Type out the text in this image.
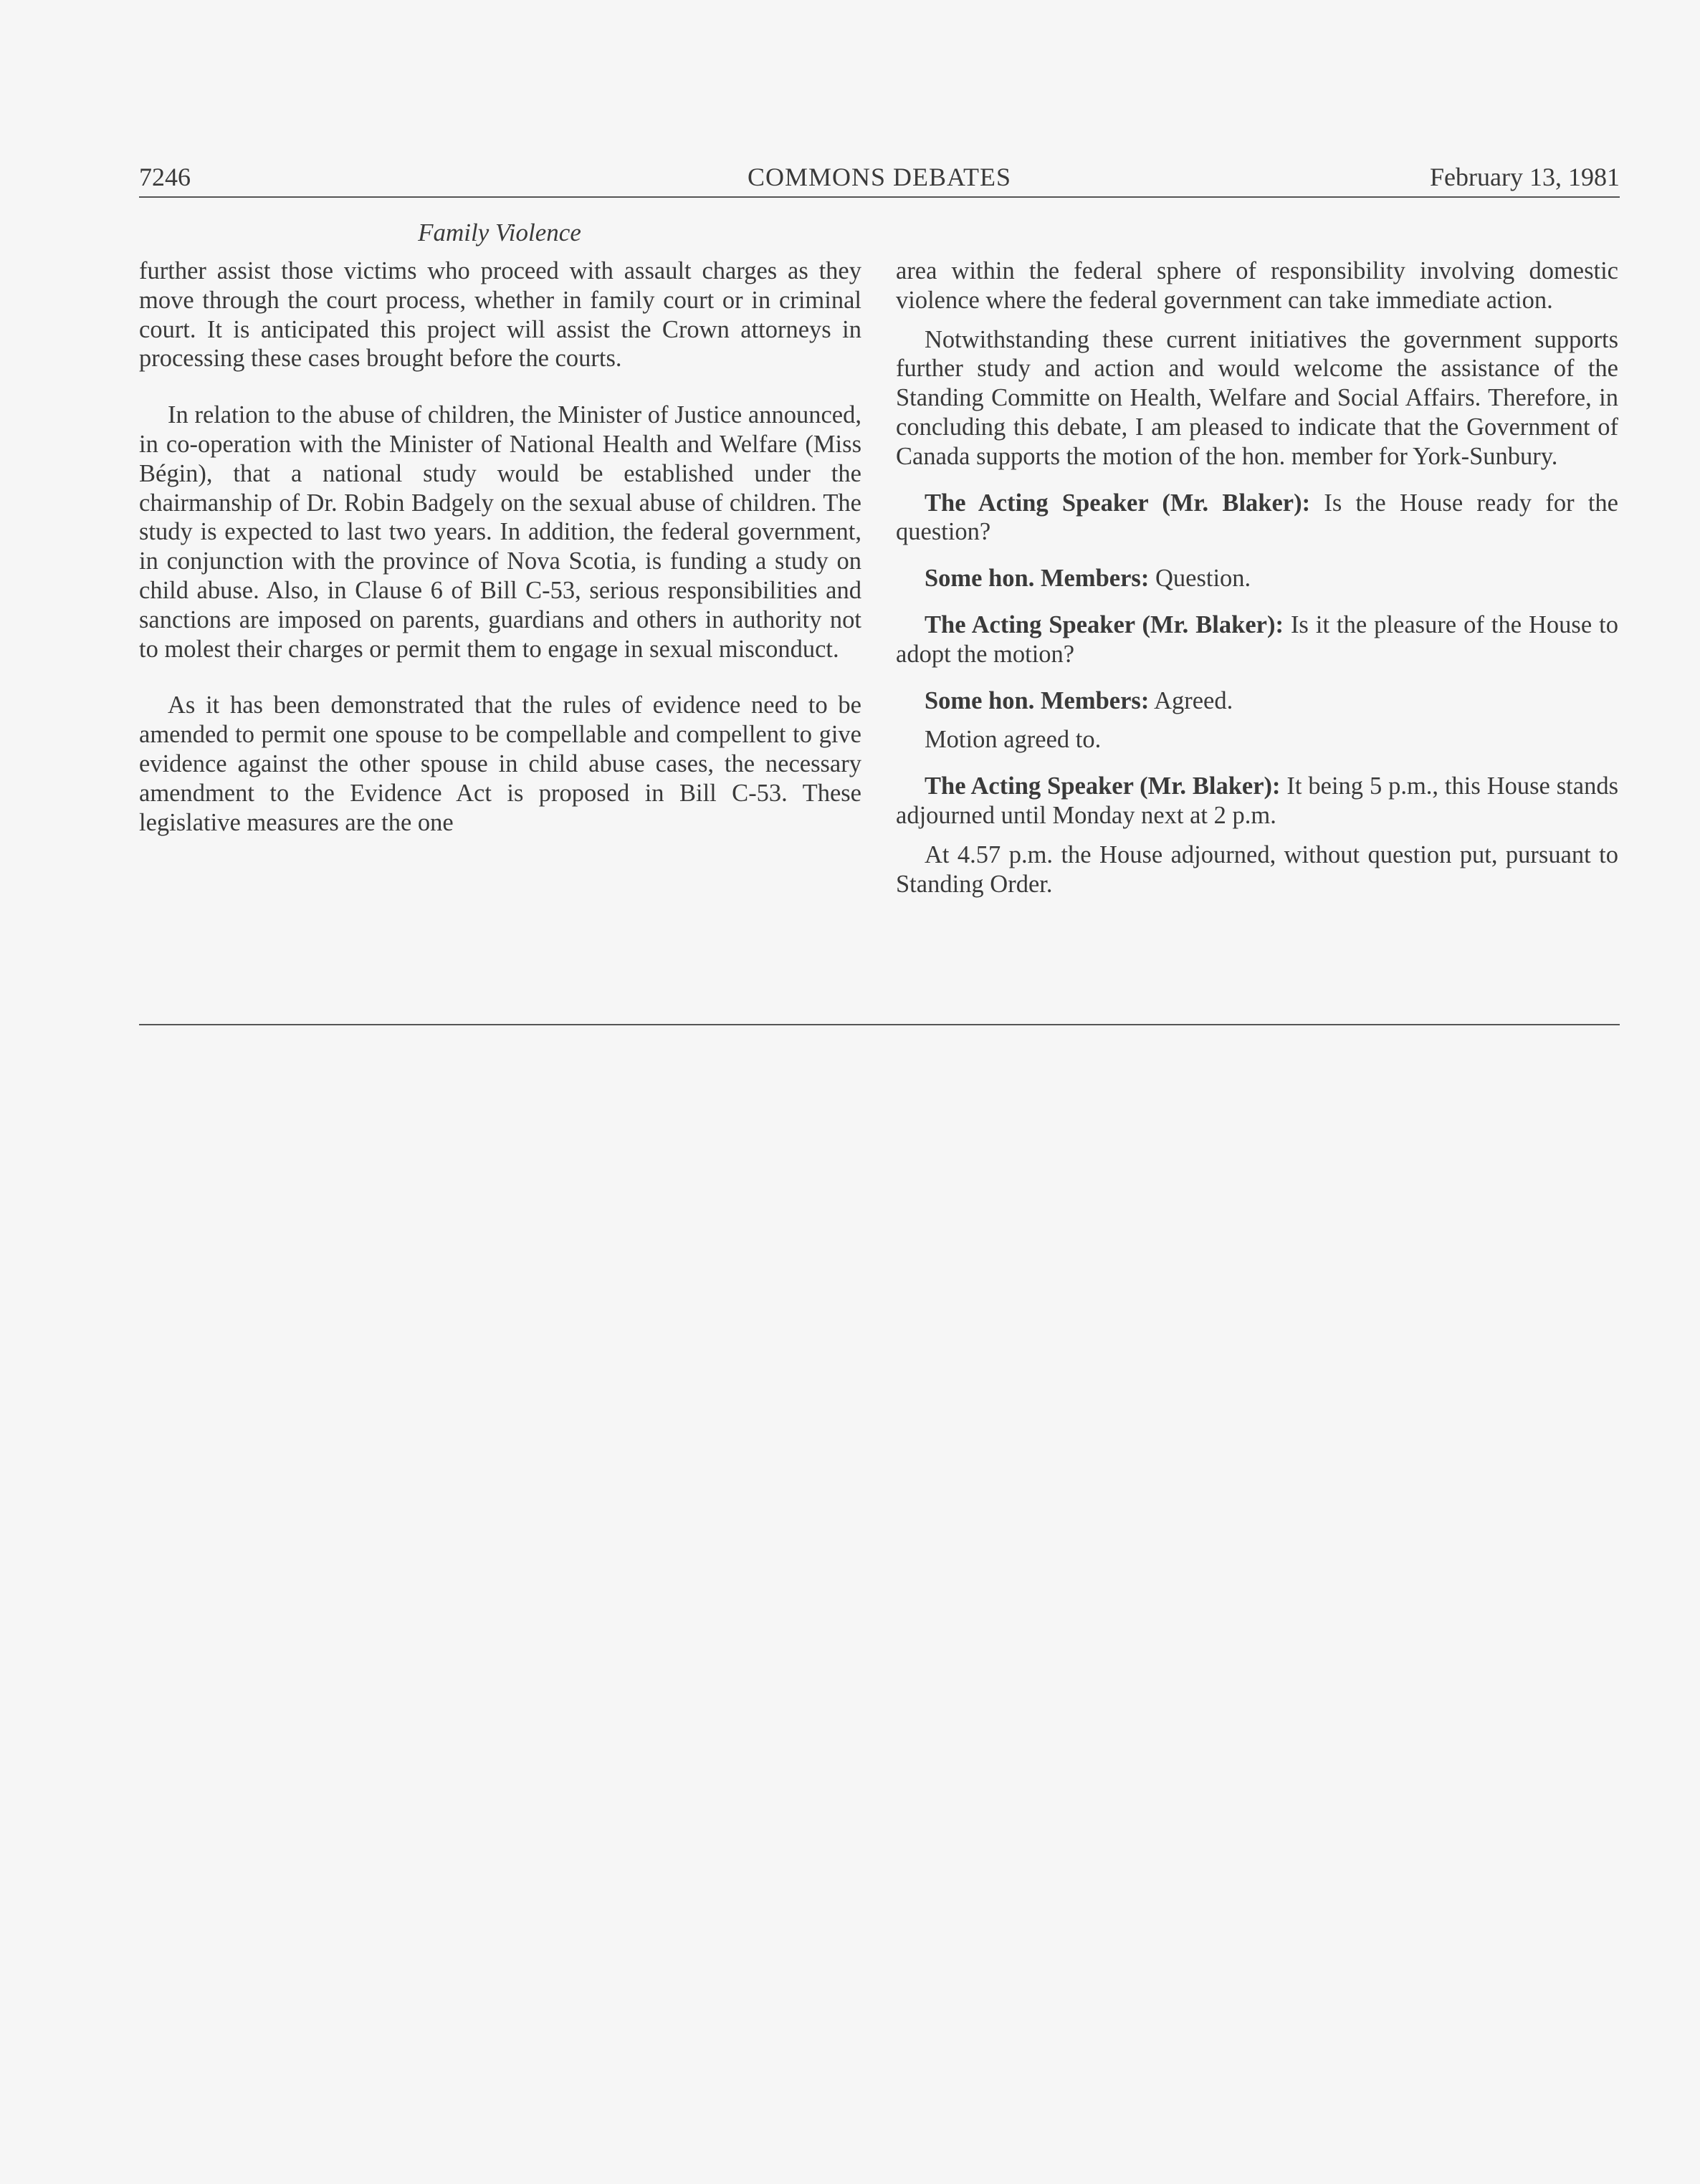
7246	COMMONS DEBATES	February 13, 1981
Family Violence

further assist those victims who proceed with assault charges as they move through the court process, whether in family court or in criminal court. It is anticipated this project will assist the Crown attorneys in processing these cases brought before the courts.

In relation to the abuse of children, the Minister of Justice announced, in co-operation with the Minister of National Health and Welfare (Miss Bégin), that a national study would be established under the chairmanship of Dr. Robin Badgely on the sexual abuse of children. The study is expected to last two years. In addition, the federal government, in conjunction with the province of Nova Scotia, is funding a study on child abuse. Also, in Clause 6 of Bill C-53, serious responsibilities and sanctions are imposed on parents, guardians and others in authority not to molest their charges or permit them to engage in sexual misconduct.

As it has been demonstrated that the rules of evidence need to be amended to permit one spouse to be compellable and compellent to give evidence against the other spouse in child abuse cases, the necessary amendment to the Evidence Act is proposed in Bill C-53. These legislative measures are the one

area within the federal sphere of responsibility involving domestic violence where the federal government can take immediate action.

Notwithstanding these current initiatives the government supports further study and action and would welcome the assistance of the Standing Committe on Health, Welfare and Social Affairs. Therefore, in concluding this debate, I am pleased to indicate that the Government of Canada supports the motion of the hon. member for York-Sunbury.

The Acting Speaker (Mr. Blaker): Is the House ready for the question?

Some hon. Members: Question.

The Acting Speaker (Mr. Blaker): Is it the pleasure of the House to adopt the motion?

Some hon. Members: Agreed.

Motion agreed to.

The Acting Speaker (Mr. Blaker): It being 5 p.m., this House stands adjourned until Monday next at 2 p.m.

At 4.57 p.m. the House adjourned, without question put, pursuant to Standing Order.
